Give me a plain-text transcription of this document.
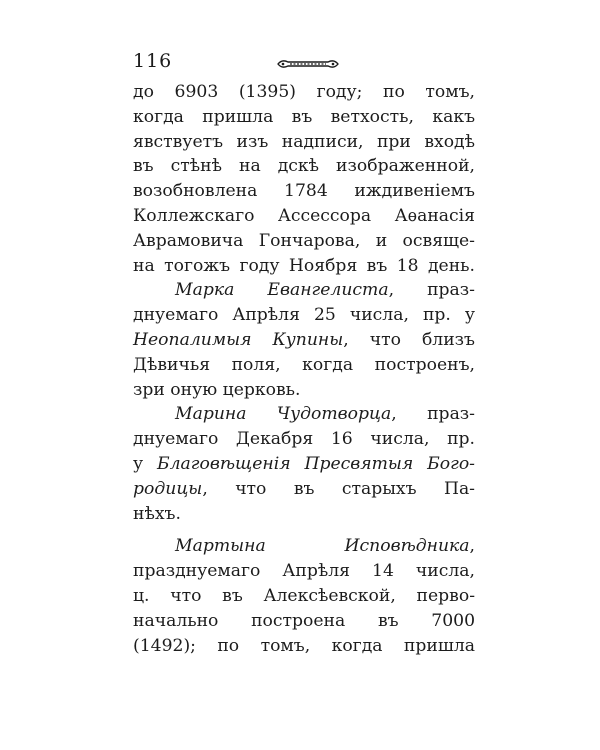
116
до 6903 (1395) году; по томъ,
когда пришла въ ветхость, какъ
явствуетъ изъ надписи, при входѣ
въ стѣнѣ на дскѣ изображенной,
возобновлена 1784 иждивеніемъ
Коллежскаго Ассессора Аѳанасія
Аврамовича Гончарова, и освяще-
на тогожъ году Ноября въ 18 день.
Марка Евангелиста, праз-
днуемаго Апрѣля 25 числа, пр. у
Неопалимыя Купины, что близъ
Дѣвичья поля, когда построенъ,
зри оную церковь.
Марина Чудотворца, праз-
днуемаго Декабря 16 числа, пр.
у Благовѣщенія Пресвятыя Бого-
родицы, что въ старыхъ Па-
нѣхъ.
Мартына Исповѣдника,
празднуемаго Апрѣля 14 числа,
ц. что въ Алексѣевской, перво-
начально построена въ 7000
(1492); по томъ, когда пришла
